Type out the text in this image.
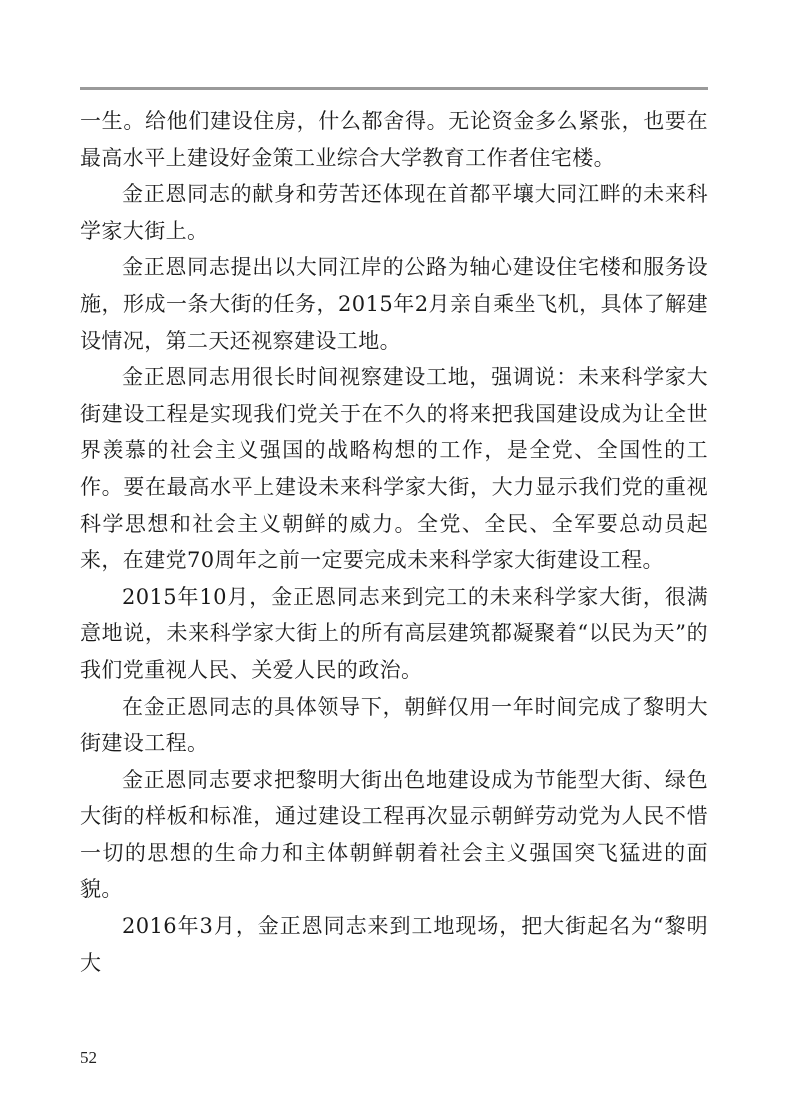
一生。给他们建设住房，什么都舍得。无论资金多么紧张，也要在最高水平上建设好金策工业综合大学教育工作者住宅楼。

金正恩同志的献身和劳苦还体现在首都平壤大同江畔的未来科学家大街上。

金正恩同志提出以大同江岸的公路为轴心建设住宅楼和服务设施，形成一条大街的任务，2015年2月亲自乘坐飞机，具体了解建设情况，第二天还视察建设工地。

金正恩同志用很长时间视察建设工地，强调说：未来科学家大街建设工程是实现我们党关于在不久的将来把我国建设成为让全世界羡慕的社会主义强国的战略构想的工作，是全党、全国性的工作。要在最高水平上建设未来科学家大街，大力显示我们党的重视科学思想和社会主义朝鲜的威力。全党、全民、全军要总动员起来，在建党70周年之前一定要完成未来科学家大街建设工程。

2015年10月，金正恩同志来到完工的未来科学家大街，很满意地说，未来科学家大街上的所有高层建筑都凝聚着“以民为天”的我们党重视人民、关爱人民的政治。

在金正恩同志的具体领导下，朝鲜仅用一年时间完成了黎明大街建设工程。

金正恩同志要求把黎明大街出色地建设成为节能型大街、绿色大街的样板和标准，通过建设工程再次显示朝鲜劳动党为人民不惜一切的思想的生命力和主体朝鲜朝着社会主义强国突飞猛进的面貌。

2016年3月，金正恩同志来到工地现场，把大街起名为“黎明大

52
